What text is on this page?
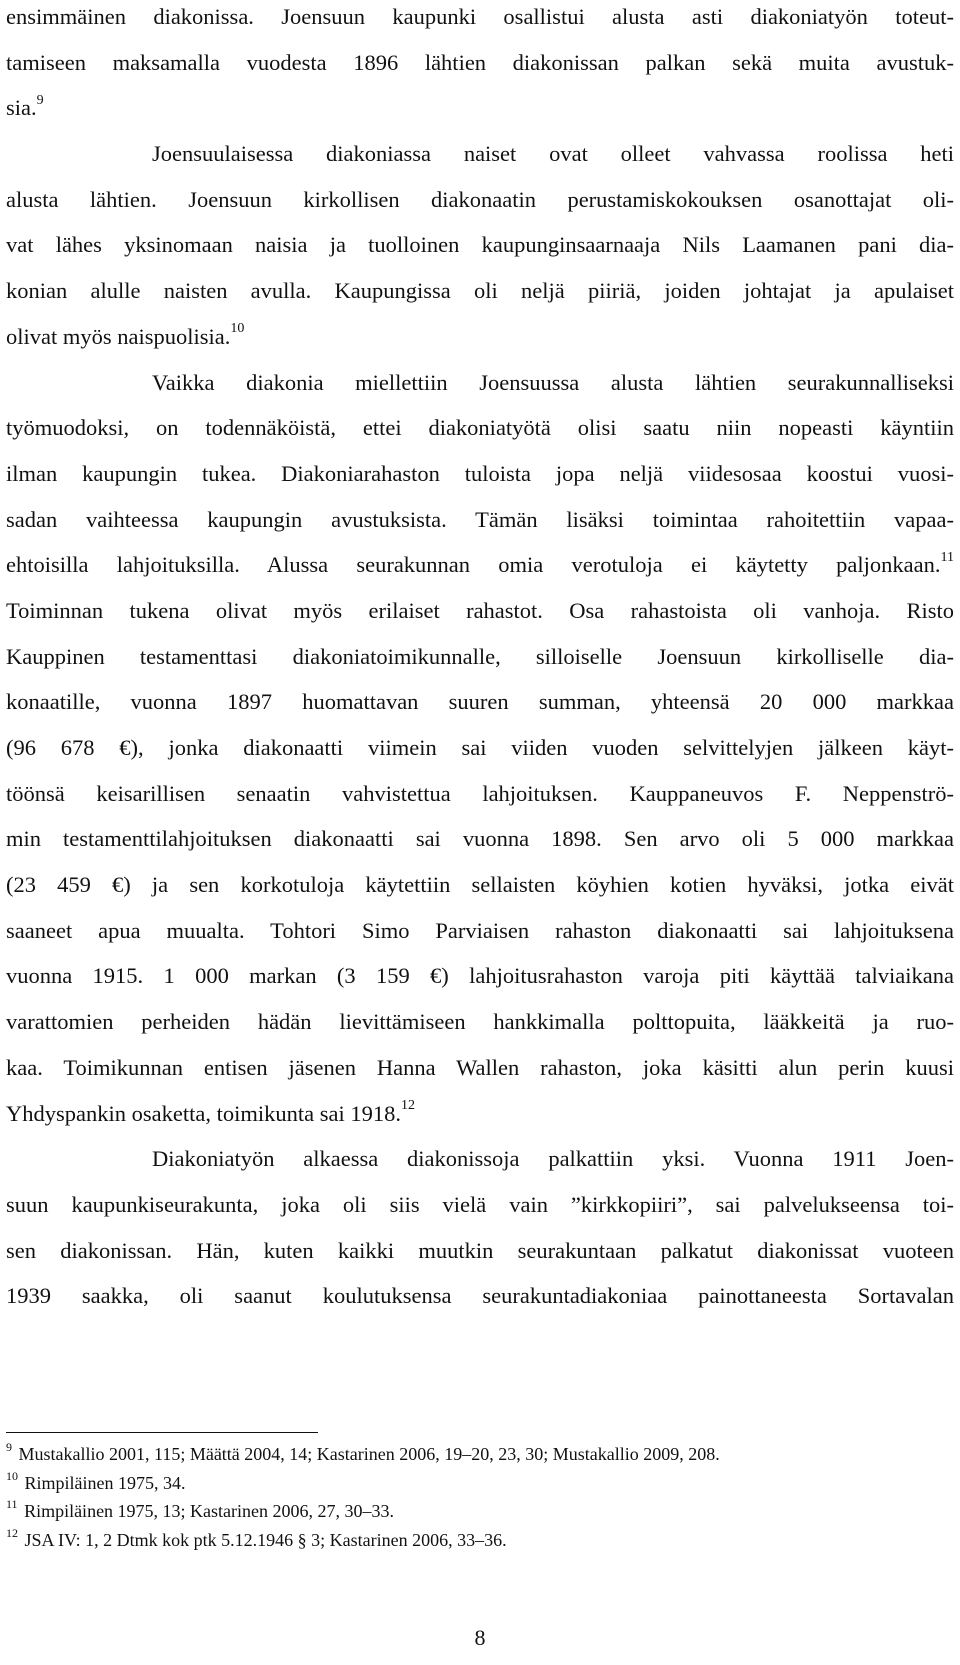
ensimmäinen diakonissa. Joensuun kaupunki osallistui alusta asti diakoniatyön toteut-
tamiseen maksamalla vuodesta 1896 lähtien diakonissan palkan sekä muita avustuk-
sia.$^9$
Joensuulaisessa diakoniassa naiset ovat olleet vahvassa roolissa heti
alusta lähtien. Joensuun kirkollisen diakonaatin perustamiskokouksen osanottajat oli-
vat lähes yksinomaan naisia ja tuolloinen kaupunginsaarnaaja Nils Laamanen pani dia-
konian alulle naisten avulla. Kaupungissa oli neljä piiriä, joiden johtajat ja apulaiset
olivat myös naispuolisia.$^{10}$
Vaikka diakonia miellettiin Joensuussa alusta lähtien seurakunnalliseksi
työmuodoksi, on todennäköistä, ettei diakoniatyötä olisi saatu niin nopeasti käyntiin
ilman kaupungin tukea. Diakoniarahaston tuloista jopa neljä viidesosaa koostui vuosi-
sadan vaihteessa kaupungin avustuksista. Tämän lisäksi toimintaa rahoitettiin vapaa-
ehtoisilla lahjoituksilla. Alussa seurakunnan omia verotuloja ei käytetty paljonkaan.$^{11}$
Toiminnan tukena olivat myös erilaiset rahastot. Osa rahastoista oli vanhoja. Risto
Kauppinen testamenttasi diakoniatoimikunnalle, silloiselle Joensuun kirkolliselle dia-
konaatille, vuonna 1897 huomattavan suuren summan, yhteensä 20 000 markkaa
(96 678 €), jonka diakonaatti viimein sai viiden vuoden selvittelyjen jälkeen käyt-
töönsä keisarillisen senaatin vahvistettua lahjoituksen. Kauppaneuvos F. Neppenströ-
min testamenttilahjoituksen diakonaatti sai vuonna 1898. Sen arvo oli 5 000 markkaa
(23 459 €) ja sen korkotuloja käytettiin sellaisten köyhien kotien hyväksi, jotka eivät
saaneet apua muualta. Tohtori Simo Parviaisen rahaston diakonaatti sai lahjoituksena
vuonna 1915. 1 000 markan (3 159 €) lahjoitusrahaston varoja piti käyttää talviaikana
varattomien perheiden hädän lievittämiseen hankkimalla polttopuita, lääkkeitä ja ruo-
kaa. Toimikunnan entisen jäsenen Hanna Wallen rahaston, joka käsitti alun perin kuusi
Yhdyspankin osaketta, toimikunta sai 1918.12
Diakoniatyön alkaessa diakonissoja palkattiin yksi. Vuonna 1911 Joen-
suun kaupunkiseurakunta, joka oli siis vielä vain ”kirkkopiiri”, sai palvelukseensa toi-
sen diakonissan. Hän, kuten kaikki muutkin seurakuntaan palkatut diakonissat vuoteen
1939 saakka, oli saanut koulutuksensa seurakuntadiakoniaa painottaneesta Sortavalan
$^9$ Mustakallio 2001, 115; Määttä 2004, 14; Kastarinen 2006, 19–20, 23, 30; Mustakallio 2009, 208.
$^{10}$ Rimpiläinen 1975, 34.
$^{11}$ Rimpiläinen 1975, 13; Kastarinen 2006, 27, 30–33.
$^{12}$ JSA IV: 1, 2 Dtmk kok ptk 5.12.1946 § 3; Kastarinen 2006, 33–36.
8
